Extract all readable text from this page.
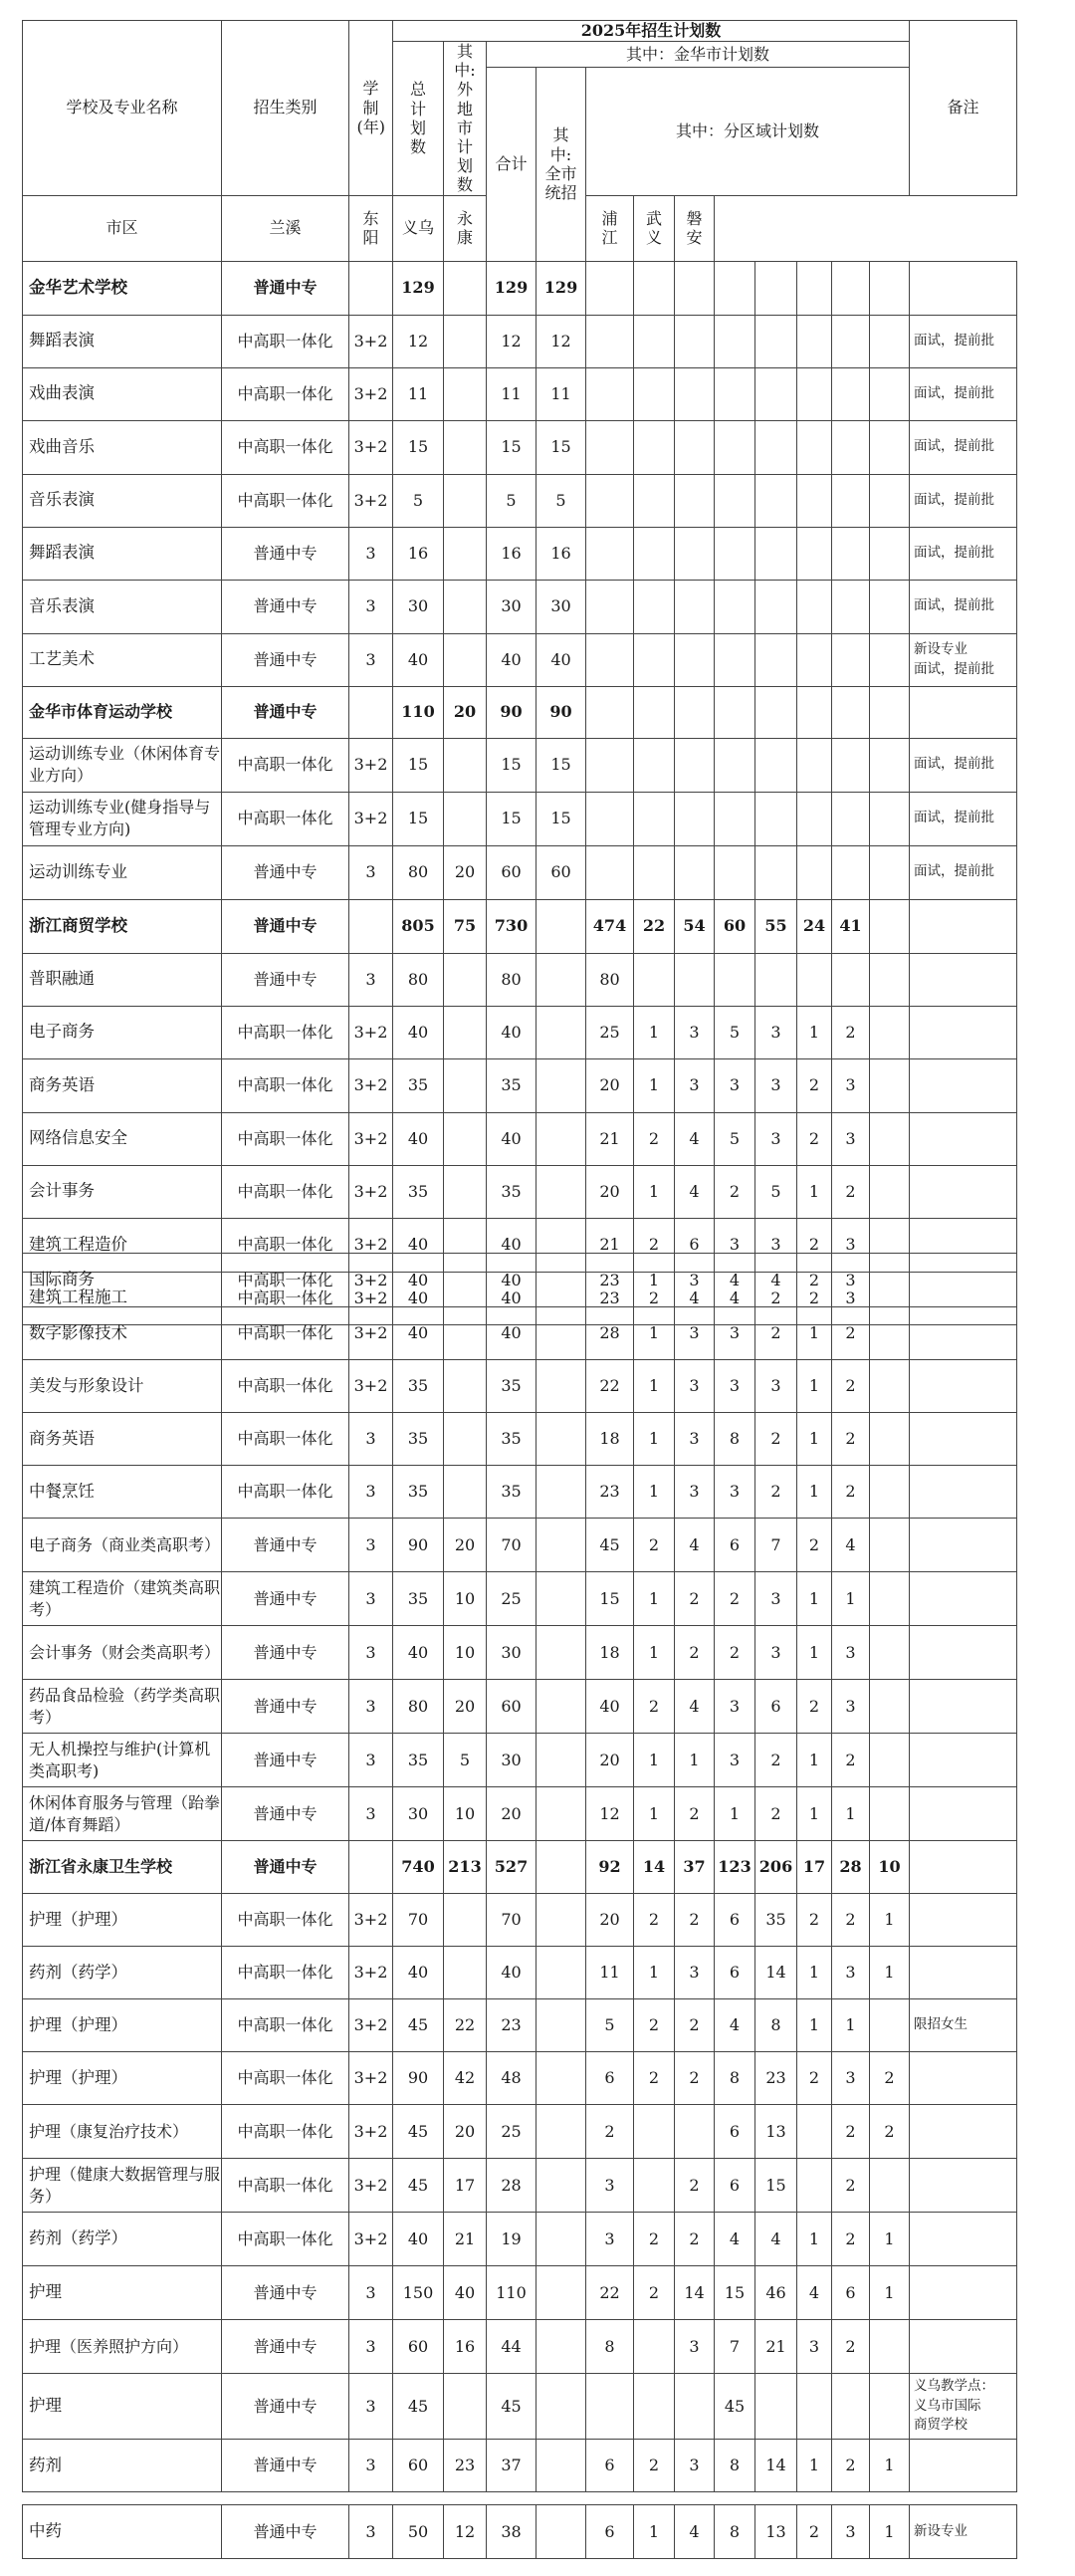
学校及专业名称	招生类别	学制(年)	2025年招生计划数												备注
			总计划数	其中:外地市计划数	其中：金华市计划数										
					合计	其中:全市统招	其中：分区域计划数								
市区	兰溪	东阳	义乌	永康			浦江	武义	磐安						
金华艺术学校	普通中专		129		129	129									
舞蹈表演	中高职一体化	3+2	12		12	12									面试，提前批
戏曲表演	中高职一体化	3+2	11		11	11									面试，提前批
戏曲音乐	中高职一体化	3+2	15		15	15									面试，提前批
音乐表演	中高职一体化	3+2	5		5	5									面试，提前批
舞蹈表演	普通中专	3	16		16	16									面试，提前批
音乐表演	普通中专	3	30		30	30									面试，提前批
工艺美术	普通中专	3	40		40	40									新设专业
面试，提前批
金华市体育运动学校	普通中专		110	20	90	90									
运动训练专业（休闲体育专业方向）	中高职一体化	3+2	15		15	15									面试，提前批
运动训练专业(健身指导与管理专业方向)	中高职一体化	3+2	15		15	15									面试，提前批
运动训练专业	普通中专	3	80	20	60	60									面试，提前批
浙江商贸学校	普通中专		805	75	730		474	22	54	60	55	24	41		
普职融通	普通中专	3	80		80		80								
电子商务	中高职一体化	3+2	40		40		25	1	3	5	3	1	2		
商务英语	中高职一体化	3+2	35		35		20	1	3	3	3	2	3		
网络信息安全	中高职一体化	3+2	40		40		21	2	4	5	3	2	3		
会计事务	中高职一体化	3+2	35		35		20	1	4	2	5	1	2		
建筑工程造价	中高职一体化	3+2	40		40		21	2	6	3	3	2	3		
建筑工程施工	中高职一体化	3+2	40		40		23	2	4	4	2	2	3		
国际商务	中高职一体化	3+2	40		40		23	1	3	4	4	2	3		
数字影像技术	中高职一体化	3+2	40		40		28	1	3	3	2	1	2		
美发与形象设计	中高职一体化	3+2	35		35		22	1	3	3	3	1	2		
商务英语	中高职一体化	3	35		35		18	1	3	8	2	1	2		
中餐烹饪	中高职一体化	3	35		35		23	1	3	3	2	1	2		
电子商务（商业类高职考）	普通中专	3	90	20	70		45	2	4	6	7	2	4		
建筑工程造价（建筑类高职考）	普通中专	3	35	10	25		15	1	2	2	3	1	1		
会计事务（财会类高职考）	普通中专	3	40	10	30		18	1	2	2	3	1	3		
药品食品检验（药学类高职考）	普通中专	3	80	20	60		40	2	4	3	6	2	3		
无人机操控与维护(计算机类高职考)	普通中专	3	35	5	30		20	1	1	3	2	1	2		
休闲体育服务与管理（跆拳道/体育舞蹈）	普通中专	3	30	10	20		12	1	2	1	2	1	1		
浙江省永康卫生学校	普通中专		740	213	527		92	14	37	123	206	17	28	10	
护理（护理）	中高职一体化	3+2	70		70		20	2	2	6	35	2	2	1	
药剂（药学）	中高职一体化	3+2	40		40		11	1	3	6	14	1	3	1	
护理（护理）	中高职一体化	3+2	45	22	23		5	2	2	4	8	1	1		限招女生
护理（护理）	中高职一体化	3+2	90	42	48		6	2	2	8	23	2	3	2	
护理（康复治疗技术）	中高职一体化	3+2	45	20	25		2			6	13		2	2	
护理（健康大数据管理与服务）	中高职一体化	3+2	45	17	28		3		2	6	15		2		
药剂（药学）	中高职一体化	3+2	40	21	19		3	2	2	4	4	1	2	1	
护理	普通中专	3	150	40	110		22	2	14	15	46	4	6	1	
护理（医养照护方向）	普通中专	3	60	16	44		8		3	7	21	3	2		
护理	普通中专	3	45		45					45					义乌教学点：
义乌市国际
商贸学校
药剂	普通中专	3	60	23	37		6	2	3	8	14	1	2	1	
中药	普通中专	3	50	12	38		6	1	4	8	13	2	3	1	新设专业
